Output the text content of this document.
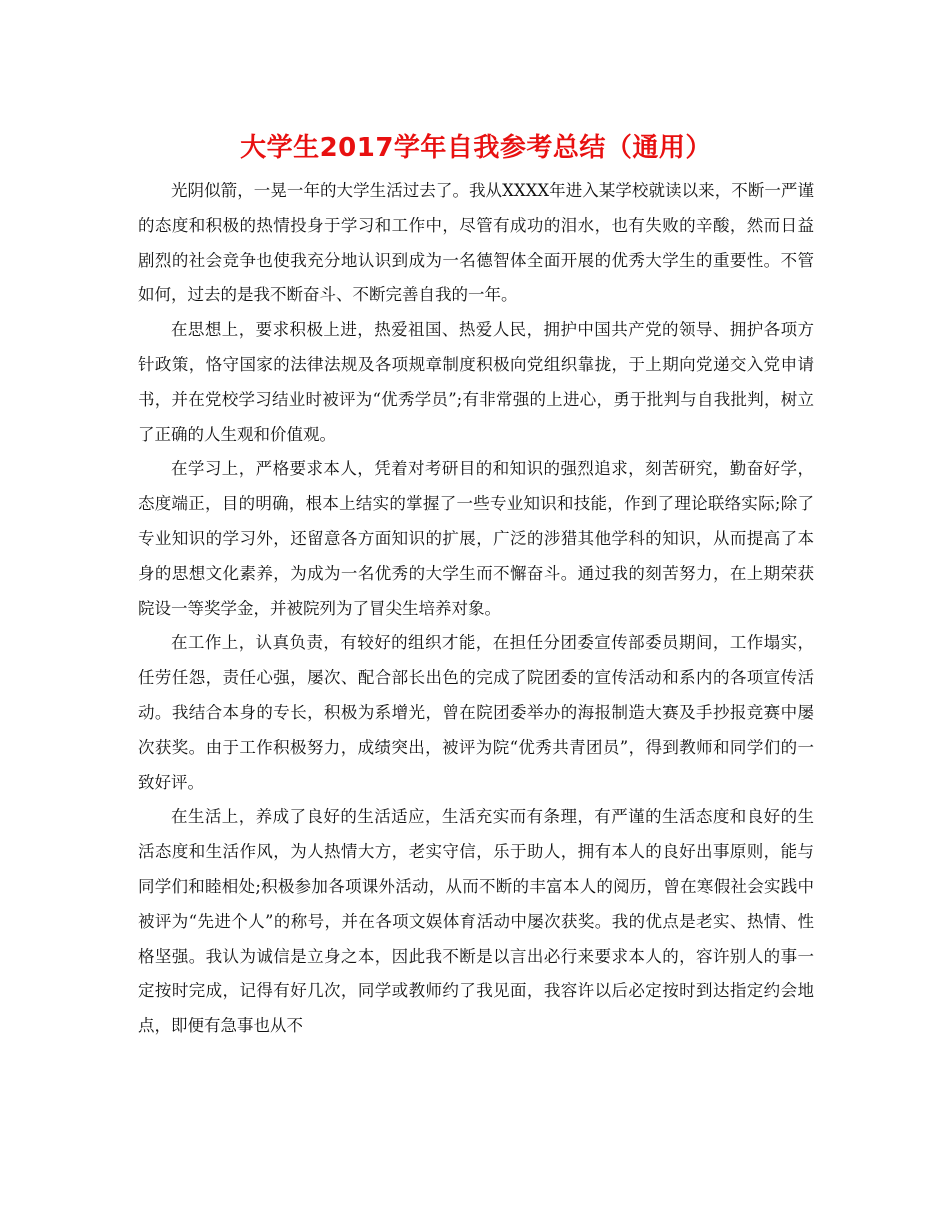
大学生2017学年自我参考总结（通用）

光阴似箭，一晃一年的大学生活过去了。我从XXXX年进入某学校就读以来，不断一严谨的态度和积极的热情投身于学习和工作中，尽管有成功的泪水，也有失败的辛酸，然而日益剧烈的社会竞争也使我充分地认识到成为一名德智体全面开展的优秀大学生的重要性。不管如何，过去的是我不断奋斗、不断完善自我的一年。

在思想上，要求积极上进，热爱祖国、热爱人民，拥护中国共产党的领导、拥护各项方针政策，恪守国家的法律法规及各项规章制度积极向党组织靠拢，于上期向党递交入党申请书，并在党校学习结业时被评为“优秀学员”;有非常强的上进心，勇于批判与自我批判，树立了正确的人生观和价值观。

在学习上，严格要求本人，凭着对考研目的和知识的强烈追求，刻苦研究，勤奋好学，态度端正，目的明确，根本上结实的掌握了一些专业知识和技能，作到了理论联络实际;除了专业知识的学习外，还留意各方面知识的扩展，广泛的涉猎其他学科的知识，从而提高了本身的思想文化素养，为成为一名优秀的大学生而不懈奋斗。通过我的刻苦努力，在上期荣获院设一等奖学金，并被院列为了冒尖生培养对象。

在工作上，认真负责，有较好的组织才能，在担任分团委宣传部委员期间，工作塌实，任劳任怨，责任心强，屡次、配合部长出色的完成了院团委的宣传活动和系内的各项宣传活动。我结合本身的专长，积极为系增光，曾在院团委举办的海报制造大赛及手抄报竞赛中屡次获奖。由于工作积极努力，成绩突出，被评为院“优秀共青团员”，得到教师和同学们的一致好评。

在生活上，养成了良好的生活适应，生活充实而有条理，有严谨的生活态度和良好的生活态度和生活作风，为人热情大方，老实守信，乐于助人，拥有本人的良好出事原则，能与同学们和睦相处;积极参加各项课外活动，从而不断的丰富本人的阅历，曾在寒假社会实践中被评为“先进个人”的称号，并在各项文娱体育活动中屡次获奖。我的优点是老实、热情、性格坚强。我认为诚信是立身之本，因此我不断是以言出必行来要求本人的，容许别人的事一定按时完成，记得有好几次，同学或教师约了我见面，我容许以后必定按时到达指定约会地点，即便有急事也从不
